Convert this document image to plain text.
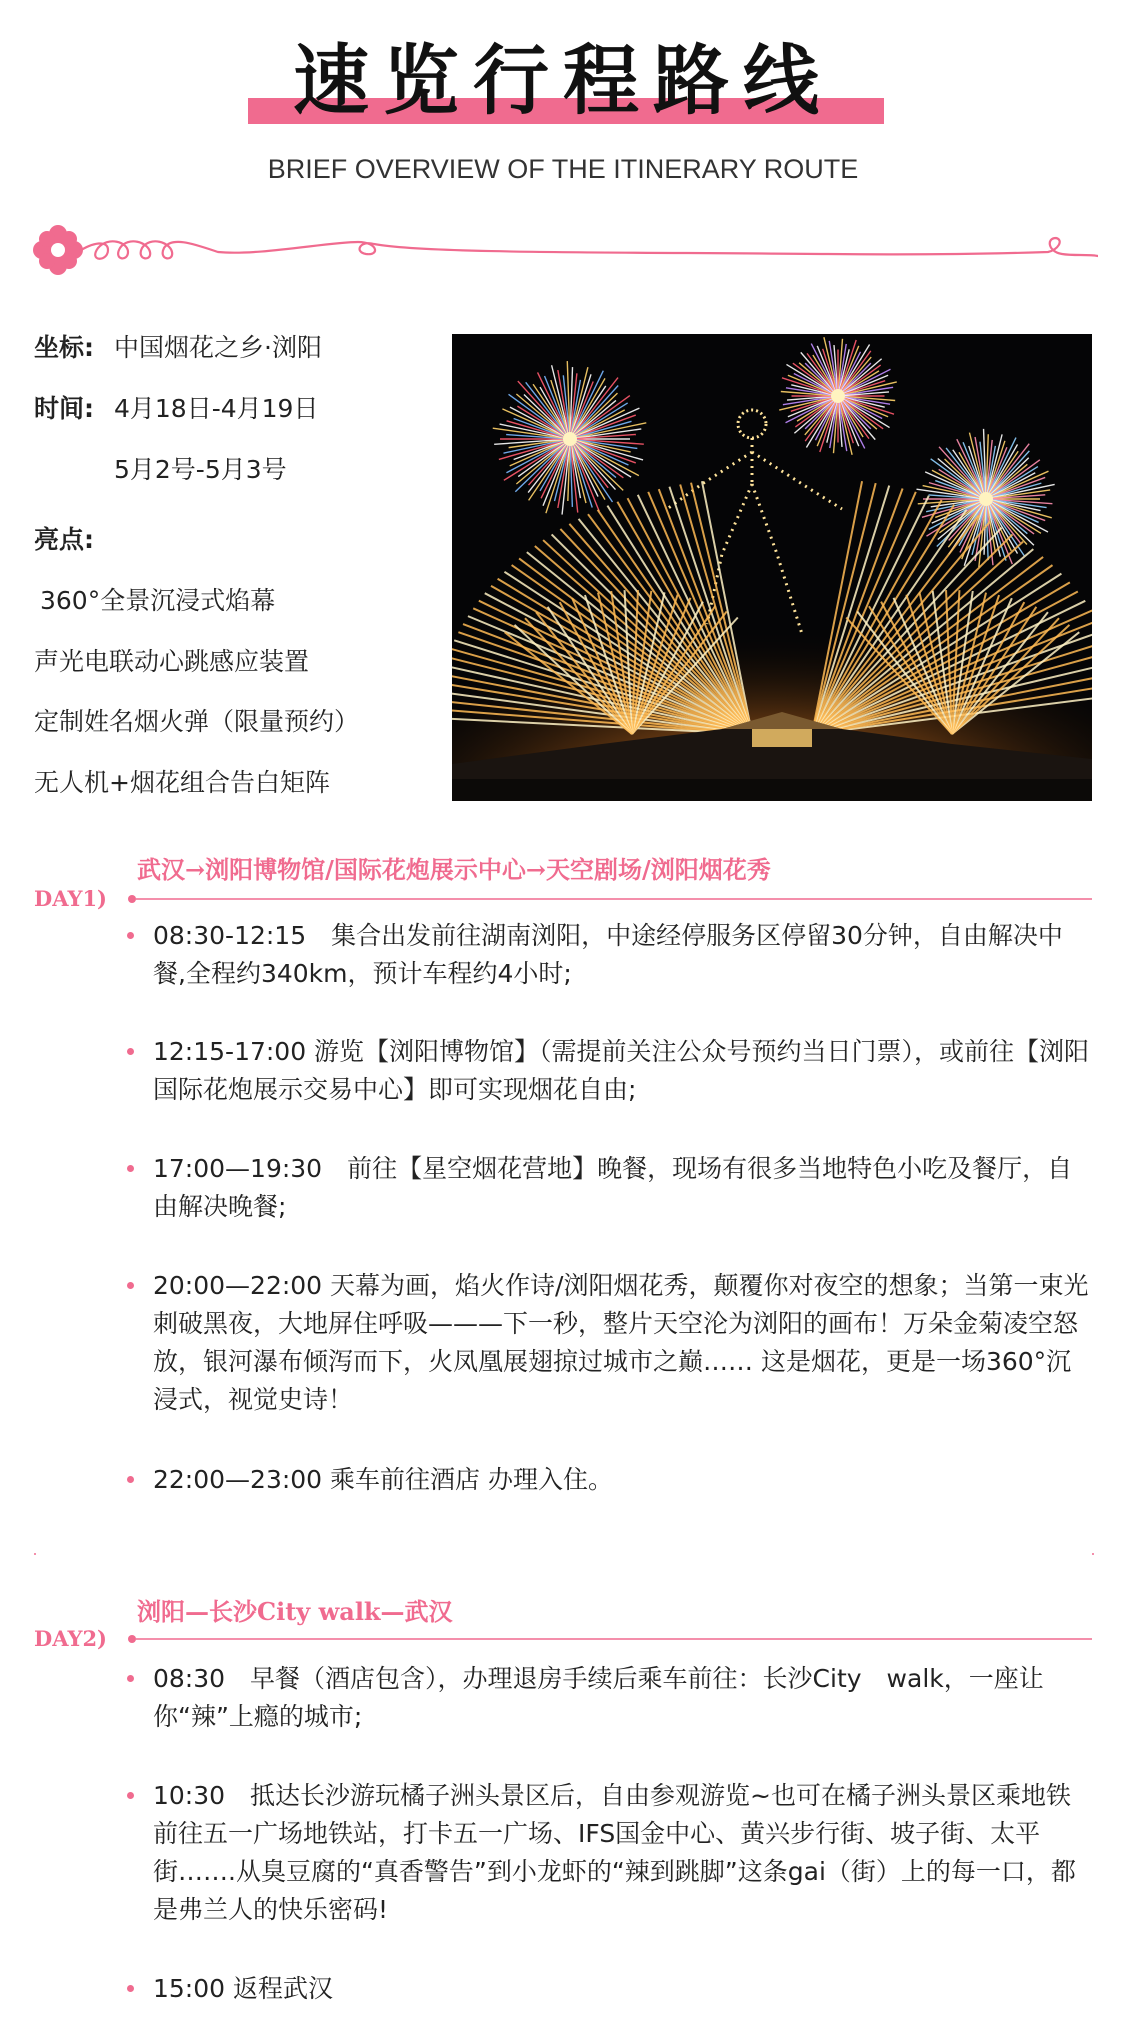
速览行程路线
BRIEF OVERVIEW OF THE ITINERARY ROUTE
坐标: 中国烟花之乡·浏阳
时间: 4月18日-4月19日
5月2号-5月3号
亮点:
360°全景沉浸式焰幕
声光电联动心跳感应装置
定制姓名烟火弹（限量预约）
无人机+烟花组合告白矩阵
武汉→浏阳博物馆/国际花炮展示中心→天空剧场/浏阳烟花秀
DAY1)
08:30-12:15　集合出发前往湖南浏阳，中途经停服务区停留30分钟，自由解决中餐,全程约340km，预计车程约4小时;
12:15-17:00 游览【浏阳博物馆】（需提前关注公众号预约当日门票），或前往【浏阳国际花炮展示交易中心】即可实现烟花自由;
17:00—19:30　前往【星空烟花营地】晚餐，现场有很多当地特色小吃及餐厅，自由解决晚餐;
20:00—22:00 天幕为画，焰火作诗/浏阳烟花秀，颠覆你对夜空的想象；当第一束光刺破黑夜，大地屏住呼吸———下一秒，整片天空沦为浏阳的画布！万朵金菊凌空怒放，银河瀑布倾泻而下，火凤凰展翅掠过城市之巅…… 这是烟花，更是一场360°沉浸式，视觉史诗！
22:00—23:00 乘车前往酒店 办理入住。
浏阳—长沙City walk—武汉
DAY2)
08:30　早餐（酒店包含），办理退房手续后乘车前往：长沙City　walk，一座让你“辣”上瘾的城市;
10:30　抵达长沙游玩橘子洲头景区后，自由参观游览~也可在橘子洲头景区乘地铁前往五一广场地铁站，打卡五一广场、IFS国金中心、黄兴步行街、坡子街、太平街…….从臭豆腐的“真香警告”到小龙虾的“辣到跳脚”这条gai（街）上的每一口，都是弗兰人的快乐密码!
15:00 返程武汉
